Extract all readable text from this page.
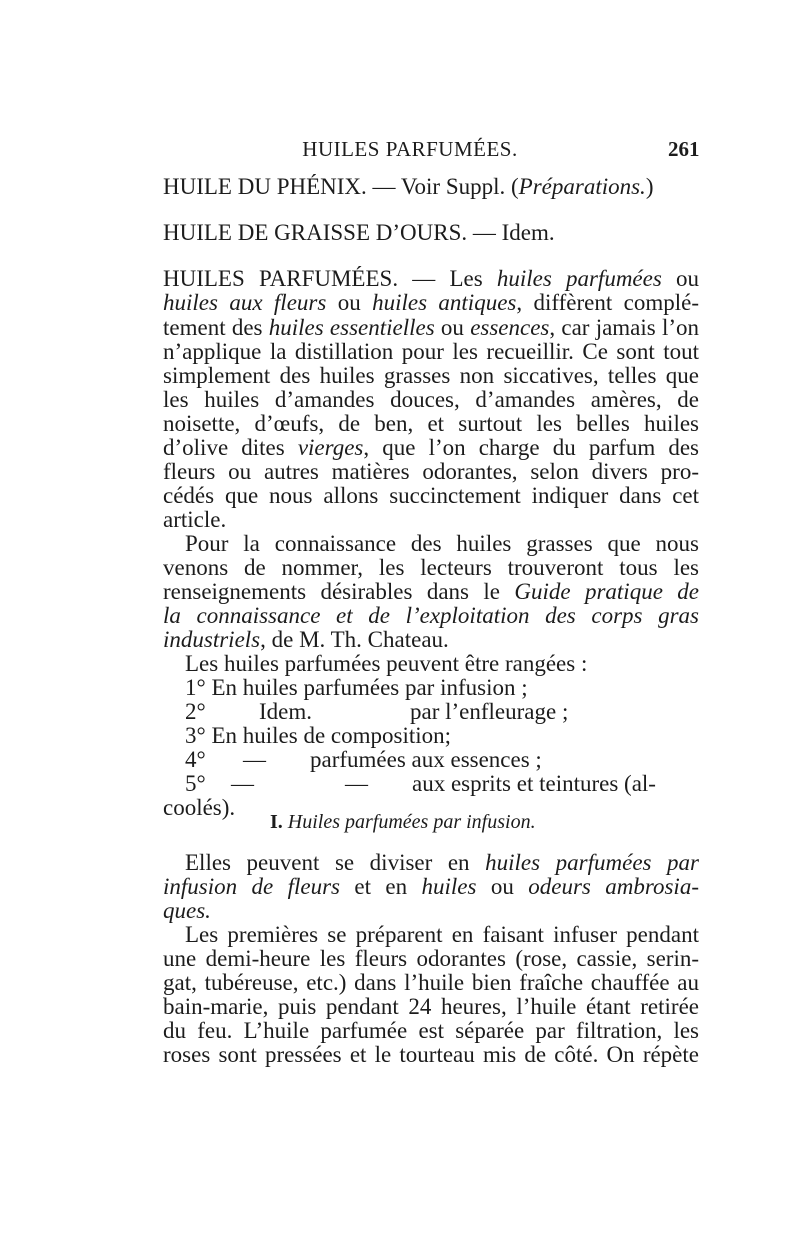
HUILES PARFUMÉES.	261
HUILE DU PHÉNIX. — Voir Suppl. (Préparations.)
HUILE DE GRAISSE D’OURS. — Idem.
HUILES PARFUMÉES. — Les huiles parfumées ou
huiles aux fleurs ou huiles antiques, diffèrent complé-
tement des huiles essentielles ou essences, car jamais l’on
n’applique la distillation pour les recueillir. Ce sont tout
simplement des huiles grasses non siccatives, telles que
les huiles d’amandes douces, d’amandes amères, de
noisette, d’œufs, de ben, et surtout les belles huiles
d’olive dites vierges, que l’on charge du parfum des
fleurs ou autres matières odorantes, selon divers pro-
cédés que nous allons succinctement indiquer dans cet
article.
Pour la connaissance des huiles grasses que nous
venons de nommer, les lecteurs trouveront tous les
renseignements désirables dans le Guide pratique de
la connaissance et de l’exploitation des corps gras
industriels, de M. Th. Chateau.
Les huiles parfumées peuvent être rangées :
1° En huiles parfumées par infusion ;
2° Idem.	par l’enfleurage ;
3° En huiles de composition;
4° — parfumées aux essences ;
5° —	— aux esprits et teintures (al-
coolés).
I. Huiles parfumées par infusion.
Elles peuvent se diviser en huiles parfumées par
infusion de fleurs et en huiles ou odeurs ambrosia-
ques.
Les premières se préparent en faisant infuser pendant
une demi-heure les fleurs odorantes (rose, cassie, serin-
gat, tubéreuse, etc.) dans l’huile bien fraîche chauffée au
bain-marie, puis pendant 24 heures, l’huile étant retirée
du feu. L’huile parfumée est séparée par filtration, les
roses sont pressées et le tourteau mis de côté. On répète
